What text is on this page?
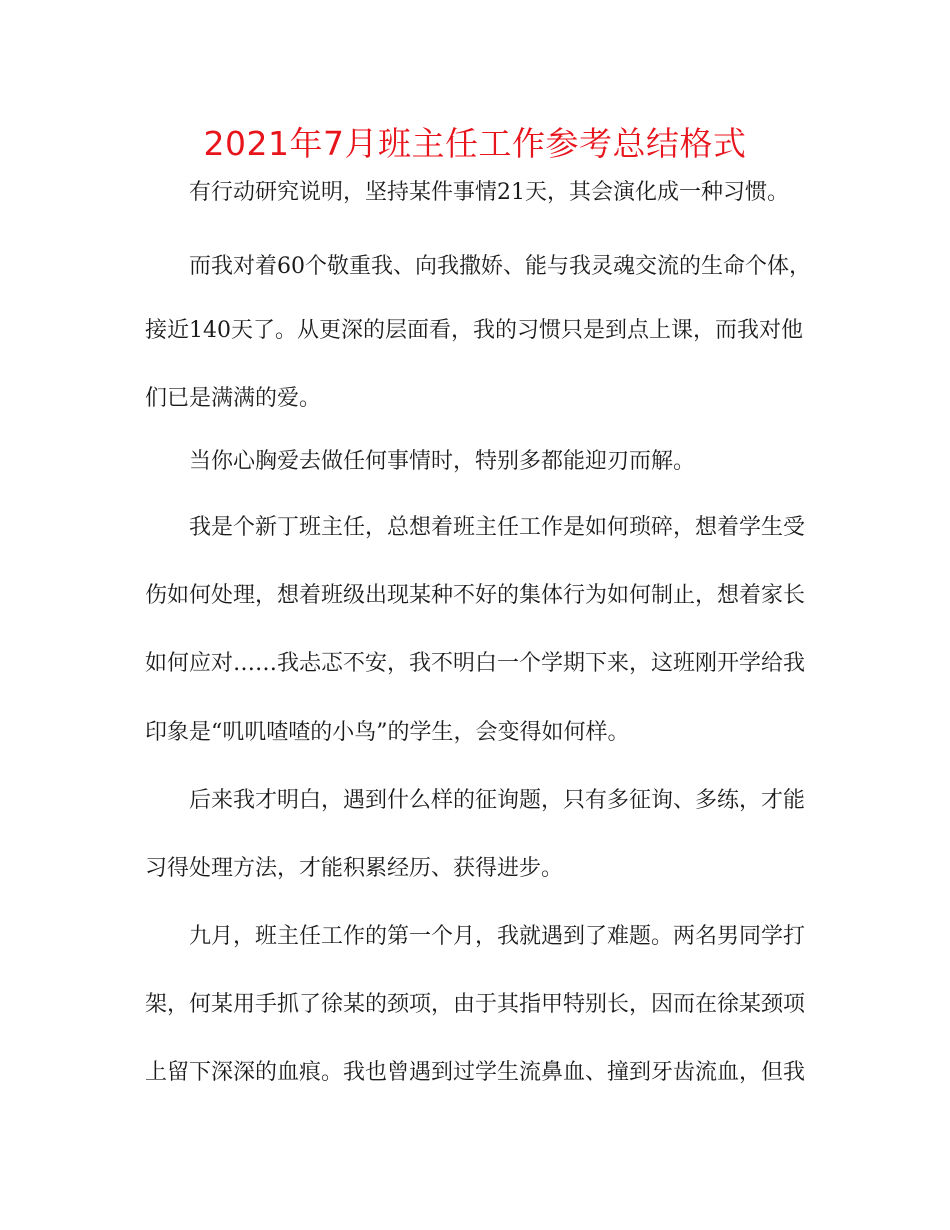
2021年7月班主任工作参考总结格式
有行动研究说明，坚持某件事情21天，其会演化成一种习惯。
而我对着60个敬重我、向我撒娇、能与我灵魂交流的生命个体，
接近140天了。从更深的层面看，我的习惯只是到点上课，而我对他
们已是满满的爱。
当你心胸爱去做任何事情时，特别多都能迎刃而解。
我是个新丁班主任，总想着班主任工作是如何琐碎，想着学生受
伤如何处理，想着班级出现某种不好的集体行为如何制止，想着家长
如何应对……我忐忑不安，我不明白一个学期下来，这班刚开学给我
印象是“叽叽喳喳的小鸟”的学生，会变得如何样。
后来我才明白，遇到什么样的征询题，只有多征询、多练，才能
习得处理方法，才能积累经历、获得进步。
九月，班主任工作的第一个月，我就遇到了难题。两名男同学打
架，何某用手抓了徐某的颈项，由于其指甲特别长，因而在徐某颈项
上留下深深的血痕。我也曾遇到过学生流鼻血、撞到牙齿流血，但我
